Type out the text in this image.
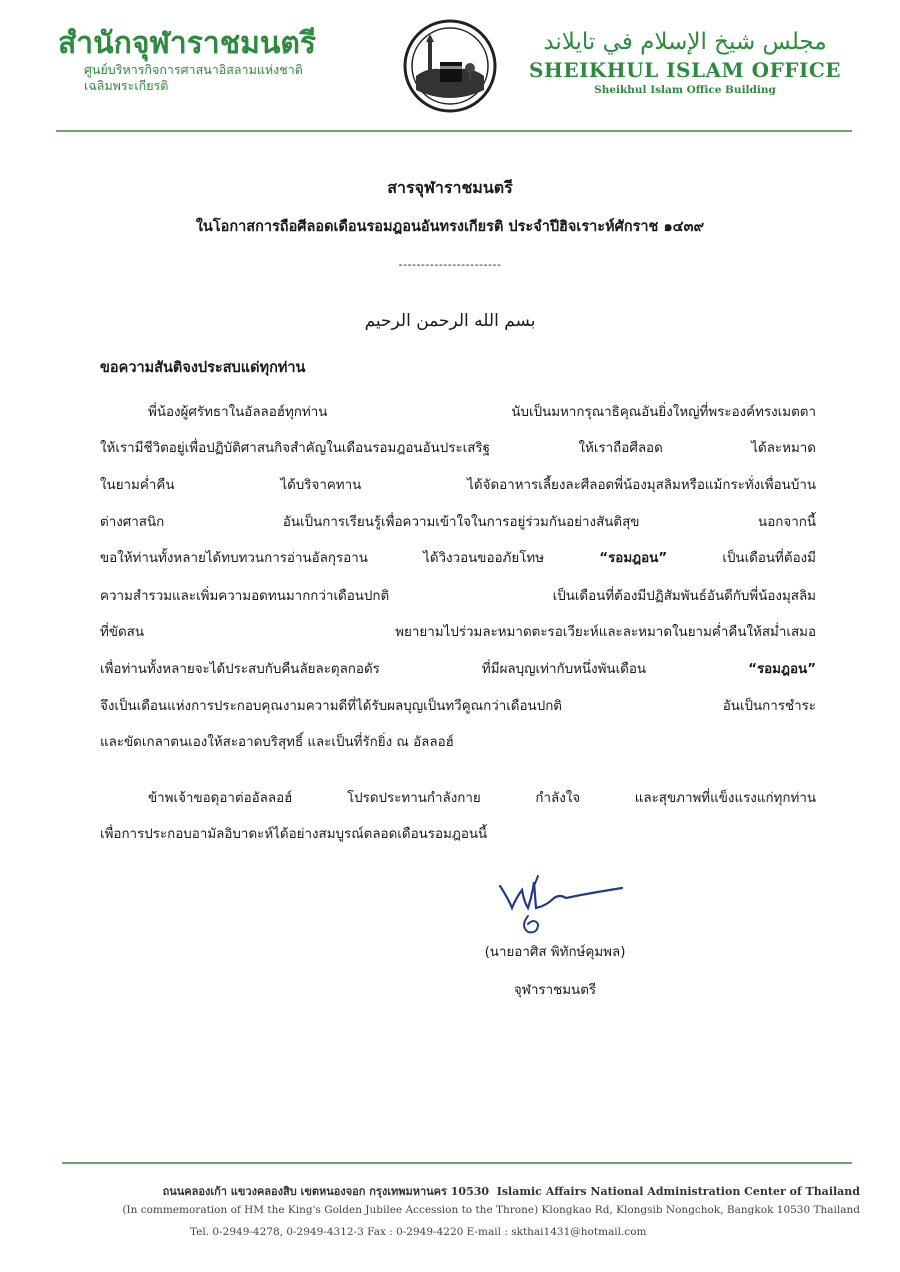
สำนักจุฬาราชมนตรี
ศูนย์บริหารกิจการศาสนาอิสลามแห่งชาติ
เฉลิมพระเกียรติ
مجلس شيخ الإسلام في تايلاند
SHEIKHUL ISLAM OFFICE
Sheikhul Islam Office Building
สารจุฬาราชมนตรี
ในโอกาสการถือศีลอดเดือนรอมฎอนอันทรงเกียรติ ประจำปีฮิจเราะห์ศักราช ๑๔๓๙
-----------------------
بسم الله الرحمن الرحيم
ขอความสันติจงประสบแด่ทุกท่าน
พี่น้องผู้ศรัทธาในอัลลอฮ์ทุกท่าน นับเป็นมหากรุณาธิคุณอันยิ่งใหญ่ที่พระองค์ทรงเมตตา
ให้เรามีชีวิตอยู่เพื่อปฏิบัติศาสนกิจสำคัญในเดือนรอมฎอนอันประเสริฐ ให้เราถือศีลอด ได้ละหมาด
ในยามค่ำคืน ได้บริจาคทาน ได้จัดอาหารเลี้ยงละศีลอดพี่น้องมุสลิมหรือแม้กระทั่งเพื่อนบ้าน
ต่างศาสนิก อันเป็นการเรียนรู้เพื่อความเข้าใจในการอยู่ร่วมกันอย่างสันติสุข นอกจากนี้
ขอให้ท่านทั้งหลายได้ทบทวนการอ่านอัลกุรอาน ได้วิงวอนขออภัยโทษ “รอมฎอน” เป็นเดือนที่ต้องมี
ความสำรวมและเพิ่มความอดทนมากกว่าเดือนปกติ เป็นเดือนที่ต้องมีปฏิสัมพันธ์อันดีกับพี่น้องมุสลิม
ที่ขัดสน พยายามไปร่วมละหมาดตะรอเวียะห์และละหมาดในยามค่ำคืนให้สม่ำเสมอ
เพื่อท่านทั้งหลายจะได้ประสบกับคืนลัยละตุลกอดัร ที่มีผลบุญเท่ากับหนึ่งพันเดือน “รอมฎอน”
จึงเป็นเดือนแห่งการประกอบคุณงามความดีที่ได้รับผลบุญเป็นทวีคูณกว่าเดือนปกติ อันเป็นการชำระ
และขัดเกลาตนเองให้สะอาดบริสุทธิ์ และเป็นที่รักยิ่ง ณ อัลลอฮ์
ข้าพเจ้าขอดุอาต่ออัลลอฮ์ โปรดประทานกำลังกาย กำลังใจ และสุขภาพที่แข็งแรงแก่ทุกท่าน
เพื่อการประกอบอามัลอิบาดะห์ได้อย่างสมบูรณ์ตลอดเดือนรอมฎอนนี้
(นายอาศิส พิทักษ์คุมพล)
จุฬาราชมนตรี
ถนนคลองเก้า แขวงคลองสิบ เขตหนองจอก กรุงเทพมหานคร 10530 Islamic Affairs National Administration Center of Thailand
(In commemoration of HM the King's Golden Jubilee Accession to the Throne) Klongkao Rd, Klongsib Nongchok, Bangkok 10530 Thailand
Tel. 0-2949-4278, 0-2949-4312-3 Fax : 0-2949-4220 E-mail : skthai1431@hotmail.com
